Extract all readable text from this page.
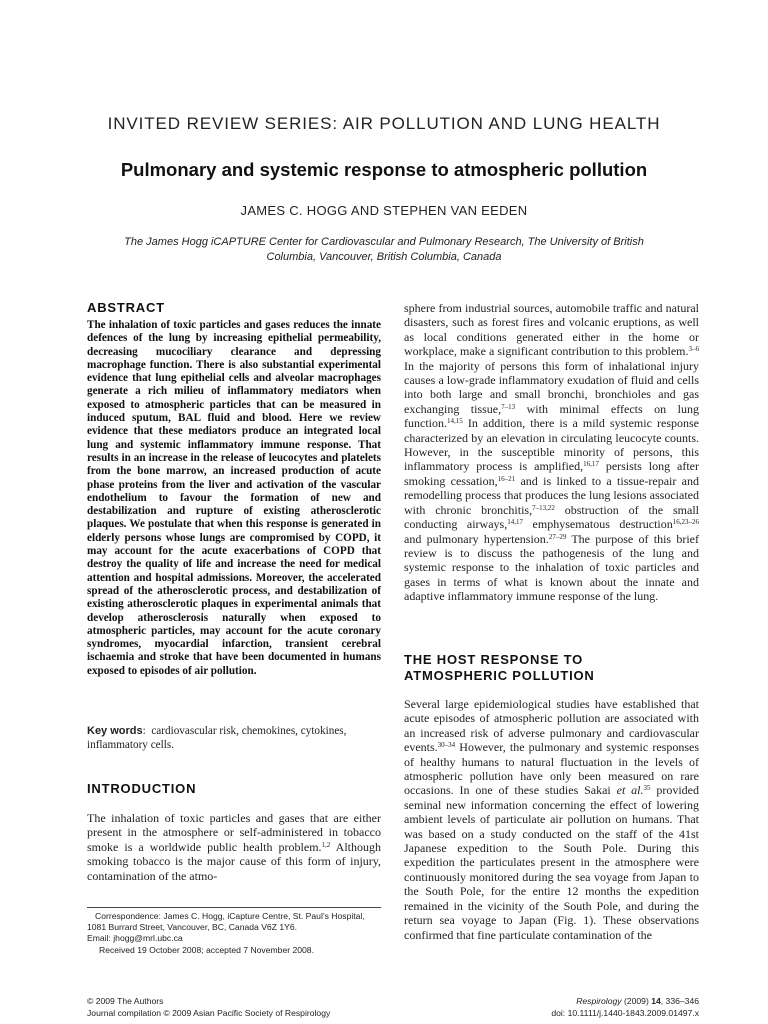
INVITED REVIEW SERIES: AIR POLLUTION AND LUNG HEALTH
Pulmonary and systemic response to atmospheric pollution
JAMES C. HOGG AND STEPHEN VAN EEDEN
The James Hogg iCAPTURE Center for Cardiovascular and Pulmonary Research, The University of British Columbia, Vancouver, British Columbia, Canada
ABSTRACT

The inhalation of toxic particles and gases reduces the innate defences of the lung by increasing epithelial permeability, decreasing mucociliary clearance and depressing macrophage function. There is also substantial experimental evidence that lung epithelial cells and alveolar macrophages generate a rich milieu of inflammatory mediators when exposed to atmospheric particles that can be measured in induced sputum, BAL fluid and blood. Here we review evidence that these mediators produce an integrated local lung and systemic inflammatory immune response. That results in an increase in the release of leucocytes and platelets from the bone marrow, an increased production of acute phase proteins from the liver and activation of the vascular endothelium to favour the formation of new and destabilization and rupture of existing atherosclerotic plaques. We postulate that when this response is generated in elderly persons whose lungs are compromised by COPD, it may account for the acute exacerbations of COPD that destroy the quality of life and increase the need for medical attention and hospital admissions. Moreover, the accelerated spread of the atherosclerotic process, and destabilization of existing atherosclerotic plaques in experimental animals that develop atherosclerosis naturally when exposed to atmospheric particles, may account for the acute coronary syndromes, myocardial infarction, transient cerebral ischaemia and stroke that have been documented in humans exposed to episodes of air pollution.

Key words:  cardiovascular risk, chemokines, cytokines, inflammatory cells.

INTRODUCTION

The inhalation of toxic particles and gases that are either present in the atmosphere or self-administered in tobacco smoke is a worldwide public health problem.$^{1,2}$ Although smoking tobacco is the major cause of this form of injury, contamination of the atmo-

Correspondence: James C. Hogg, iCapture Centre, St. Paul’s Hospital, 1081 Burrard Street, Vancouver, BC, Canada V6Z 1Y6.

Email: jhogg@mrl.ubc.ca

Received 19 October 2008; accepted 7 November 2008.

© 2009 The Authors
Journal compilation © 2009 Asian Pacific Society of Respirology
Respirology (2009) 14, 336–346
doi: 10.1111/j.1440-1843.2009.01497.x

sphere from industrial sources, automobile traffic and natural disasters, such as forest fires and volcanic eruptions, as well as local conditions generated either in the home or workplace, make a significant contribution to this problem.$^{3-6}$ In the majority of persons this form of inhalational injury causes a low-grade inflammatory exudation of fluid and cells into both large and small bronchi, bronchioles and gas exchanging tissue,$^{7-13}$ with minimal effects on lung function.$^{14,15}$ In addition, there is a mild systemic response characterized by an elevation in circulating leucocyte counts. However, in the susceptible minority of persons, this inflammatory process is amplified,$^{16,17}$ persists long after smoking cessation,$^{16-21}$ and is linked to a tissue-repair and remodelling process that produces the lung lesions associated with chronic bronchitis,$^{7-13,22}$ obstruction of the small conducting airways,$^{14,17}$ emphysematous destruction$^{16,23-26}$ and pulmonary hypertension.$^{27-29}$ The purpose of this brief review is to discuss the pathogenesis of the lung and systemic response to the inhalation of toxic particles and gases in terms of what is known about the innate and adaptive inflammatory immune response of the lung.

THE HOST RESPONSE TO
ATMOSPHERIC POLLUTION

Several large epidemiological studies have established that acute episodes of atmospheric pollution are associated with an increased risk of adverse pulmonary and cardiovascular events.$^{30-34}$ However, the pulmonary and systemic responses of healthy humans to natural fluctuation in the levels of atmospheric pollution have only been measured on rare occasions. In one of these studies Sakai et al.$^{35}$ provided seminal new information concerning the effect of lowering ambient levels of particulate air pollution on humans. That was based on a study conducted on the staff of the 41st Japanese expedition to the South Pole. During this expedition the particulates present in the atmosphere were continuously monitored during the sea voyage from Japan to the South Pole, for the entire 12 months the expedition remained in the vicinity of the South Pole, and during the return sea voyage to Japan (Fig. 1). These observations confirmed that fine particulate contamination of the
